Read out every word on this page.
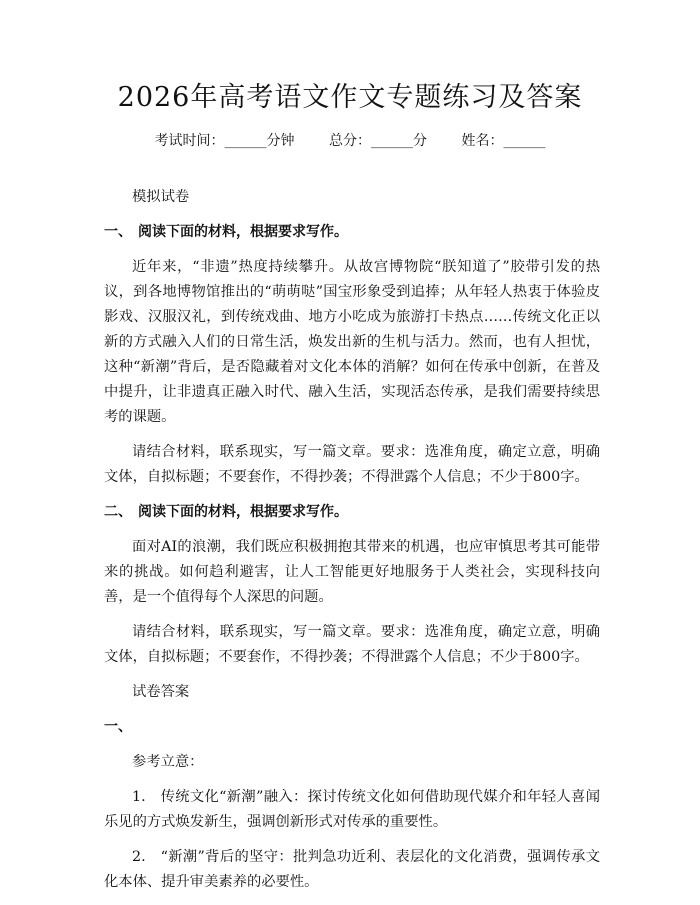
2026年高考语文作文专题练习及答案
考试时间：______分钟 总分：______分 姓名：______
模拟试卷
一、 阅读下面的材料，根据要求写作。
近年来，“非遗”热度持续攀升。从故宫博物院“朕知道了”胶带引发的热议，到各地博物馆推出的“萌萌哒”国宝形象受到追捧；从年轻人热衷于体验皮影戏、汉服汉礼，到传统戏曲、地方小吃成为旅游打卡热点……传统文化正以新的方式融入人们的日常生活，焕发出新的生机与活力。然而，也有人担忧，这种“新潮”背后，是否隐藏着对文化本体的消解？如何在传承中创新，在普及中提升，让非遗真正融入时代、融入生活，实现活态传承，是我们需要持续思考的课题。
请结合材料，联系现实，写一篇文章。要求：选准角度，确定立意，明确文体，自拟标题；不要套作，不得抄袭；不得泄露个人信息；不少于800字。
二、 阅读下面的材料，根据要求写作。
面对AI的浪潮，我们既应积极拥抱其带来的机遇，也应审慎思考其可能带来的挑战。如何趋利避害，让人工智能更好地服务于人类社会，实现科技向善，是一个值得每个人深思的问题。
请结合材料，联系现实，写一篇文章。要求：选准角度，确定立意，明确文体，自拟标题；不要套作，不得抄袭；不得泄露个人信息；不少于800字。
试卷答案
一、
参考立意：
1.　传统文化“新潮”融入：探讨传统文化如何借助现代媒介和年轻人喜闻乐见的方式焕发新生，强调创新形式对传承的重要性。
2.　“新潮”背后的坚守：批判急功近利、表层化的文化消费，强调传承文化本体、提升审美素养的必要性。
